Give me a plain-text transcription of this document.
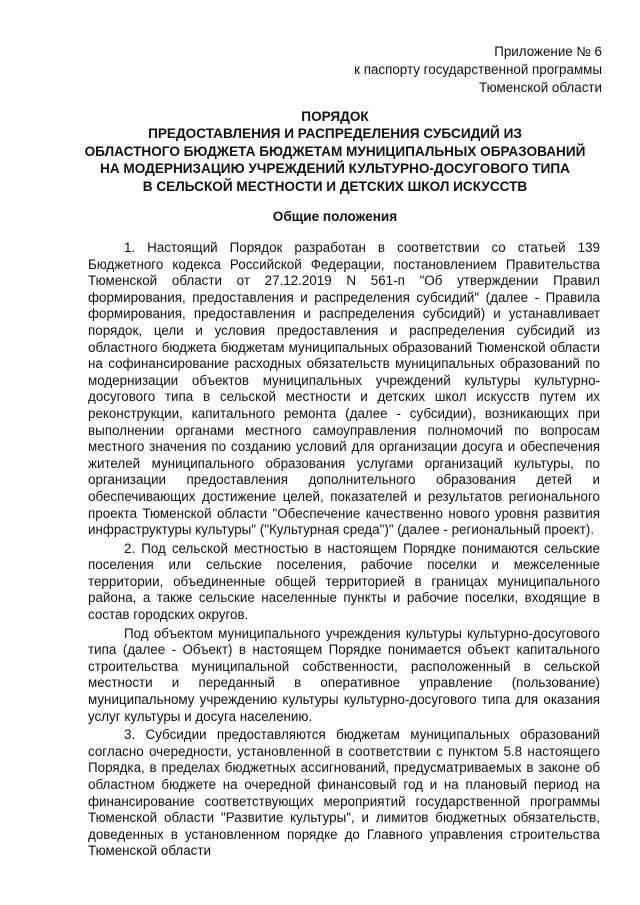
Приложение № 6
к паспорту государственной программы
Тюменской области
ПОРЯДОК
ПРЕДОСТАВЛЕНИЯ И РАСПРЕДЕЛЕНИЯ СУБСИДИЙ ИЗ
ОБЛАСТНОГО БЮДЖЕТА БЮДЖЕТАМ МУНИЦИПАЛЬНЫХ ОБРАЗОВАНИЙ
НА МОДЕРНИЗАЦИЮ УЧРЕЖДЕНИЙ КУЛЬТУРНО-ДОСУГОВОГО ТИПА
В СЕЛЬСКОЙ МЕСТНОСТИ И ДЕТСКИХ ШКОЛ ИСКУССТВ
Общие положения

1. Настоящий Порядок разработан в соответствии со статьей 139 Бюджетного кодекса Российской Федерации, постановлением Правительства Тюменской области от 27.12.2019 N 561-п "Об утверждении Правил формирования, предоставления и распределения субсидий" (далее - Правила формирования, предоставления и распределения субсидий) и устанавливает порядок, цели и условия предоставления и распределения субсидий из областного бюджета бюджетам муниципальных образований Тюменской области на софинансирование расходных обязательств муниципальных образований по модернизации объектов муниципальных учреждений культуры культурно-досугового типа в сельской местности и детских школ искусств путем их реконструкции, капитального ремонта (далее - субсидии), возникающих при выполнении органами местного самоуправления полномочий по вопросам местного значения по созданию условий для организации досуга и обеспечения жителей муниципального образования услугами организаций культуры, по организации предоставления дополнительного образования детей и обеспечивающих достижение целей, показателей и результатов регионального проекта Тюменской области "Обеспечение качественно нового уровня развития инфраструктуры культуры" ("Культурная среда")" (далее - региональный проект).

2. Под сельской местностью в настоящем Порядке понимаются сельские поселения или сельские поселения, рабочие поселки и межселенные территории, объединенные общей территорией в границах муниципального района, а также сельские населенные пункты и рабочие поселки, входящие в состав городских округов.

Под объектом муниципального учреждения культуры культурно-досугового типа (далее - Объект) в настоящем Порядке понимается объект капитального строительства муниципальной собственности, расположенный в сельской местности и переданный в оперативное управление (пользование) муниципальному учреждению культуры культурно-досугового типа для оказания услуг культуры и досуга населению.

3. Субсидии предоставляются бюджетам муниципальных образований согласно очередности, установленной в соответствии с пунктом 5.8 настоящего Порядка, в пределах бюджетных ассигнований, предусматриваемых в законе об областном бюджете на очередной финансовый год и на плановый период на финансирование соответствующих мероприятий государственной программы Тюменской области "Развитие культуры", и лимитов бюджетных обязательств, доведенных в установленном порядке до Главного управления строительства Тюменской области
